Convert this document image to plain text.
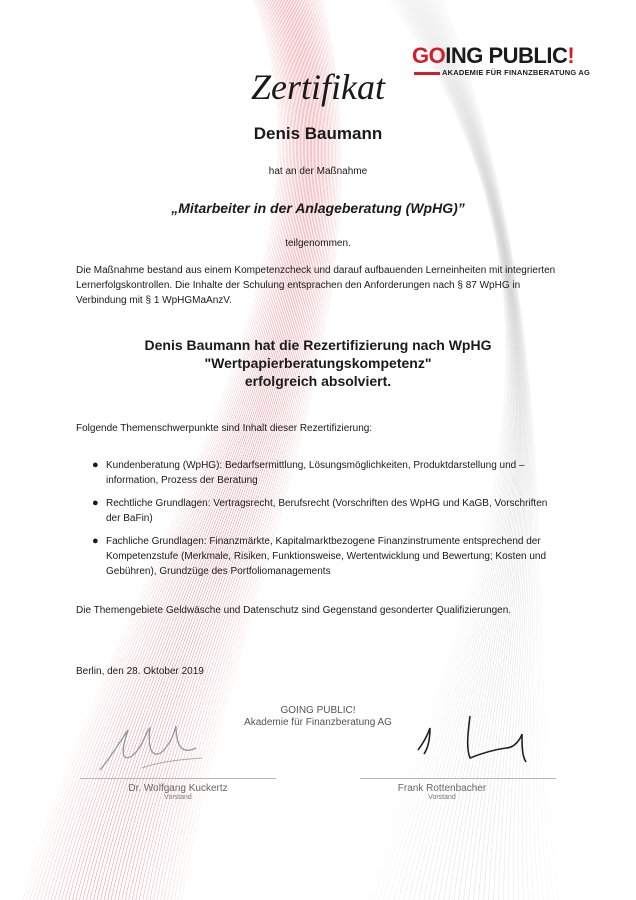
GOING PUBLIC!
AKADEMIE FÜR FINANZBERATUNG AG
Zertifikat
Denis Baumann
hat an der Maßnahme
„Mitarbeiter in der Anlageberatung (WpHG)”
teilgenommen.
Die Maßnahme bestand aus einem Kompetenzcheck und darauf aufbauenden Lerneinheiten mit integrierten Lernerfolgskontrollen. Die Inhalte der Schulung entsprachen den Anforderungen nach § 87 WpHG in Verbindung mit § 1 WpHGMaAnzV.
Denis Baumann hat die Rezertifizierung nach WpHG
"Wertpapierberatungskompetenz"
erfolgreich absolviert.
Folgende Themenschwerpunkte sind Inhalt dieser Rezertifizierung:
● Kundenberatung (WpHG): Bedarfsermittlung, Lösungsmöglichkeiten, Produktdarstellung und –information, Prozess der Beratung
● Rechtliche Grundlagen: Vertragsrecht, Berufsrecht (Vorschriften des WpHG und KaGB, Vorschriften der BaFin)
● Fachliche Grundlagen: Finanzmärkte, Kapitalmarktbezogene Finanzinstrumente entsprechend der Kompetenzstufe (Merkmale, Risiken, Funktionsweise, Wertentwicklung und Bewertung; Kosten und Gebühren), Grundzüge des Portfoliomanagements
Die Themengebiete Geldwäsche und Datenschutz sind Gegenstand gesonderter Qualifizierungen.
Berlin, den 28. Oktober 2019
GOING PUBLIC!
Akademie für Finanzberatung AG
Dr. Wolfgang Kuckertz
Vorstand
Frank Rottenbacher
Vorstand
